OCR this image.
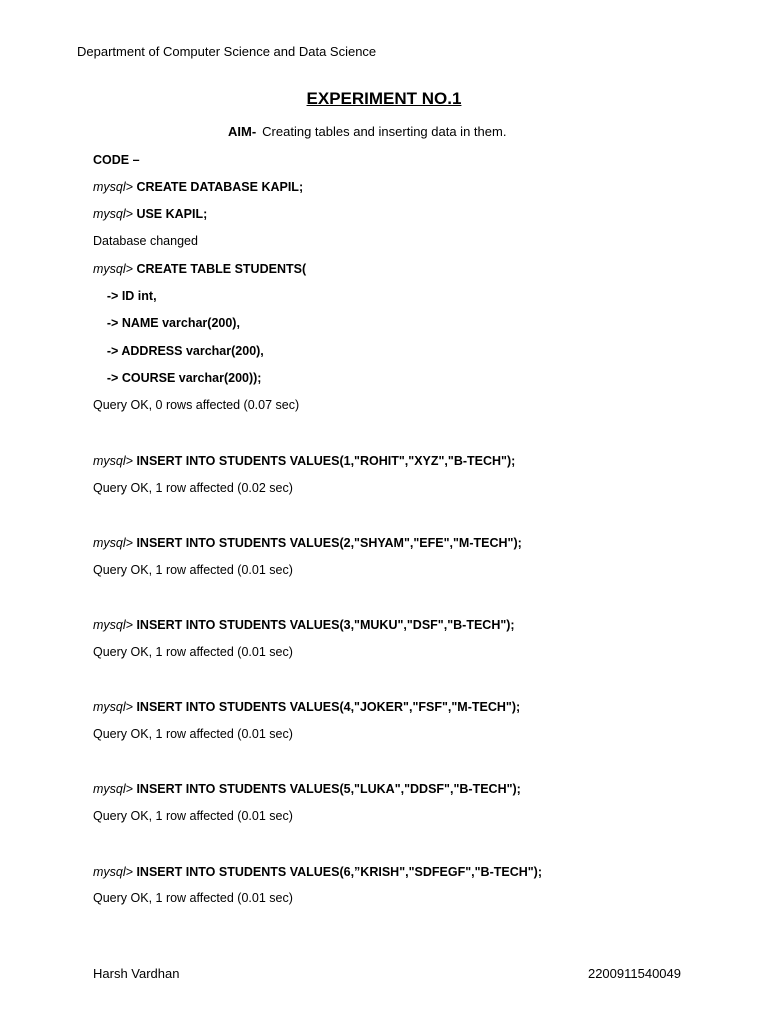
Department of Computer Science and Data Science
EXPERIMENT NO.1
AIM- Creating tables and inserting data in them.
CODE –
mysql> CREATE DATABASE KAPIL;
mysql> USE KAPIL;
Database changed
mysql> CREATE TABLE STUDENTS(
-> ID int,
-> NAME varchar(200),
-> ADDRESS varchar(200),
-> COURSE varchar(200));
Query OK, 0 rows affected (0.07 sec)
mysql> INSERT INTO STUDENTS VALUES(1,"ROHIT","XYZ","B-TECH");
Query OK, 1 row affected (0.02 sec)
mysql> INSERT INTO STUDENTS VALUES(2,"SHYAM","EFE","M-TECH");
Query OK, 1 row affected (0.01 sec)
mysql> INSERT INTO STUDENTS VALUES(3,"MUKU","DSF","B-TECH");
Query OK, 1 row affected (0.01 sec)
mysql> INSERT INTO STUDENTS VALUES(4,"JOKER","FSF","M-TECH");
Query OK, 1 row affected (0.01 sec)
mysql> INSERT INTO STUDENTS VALUES(5,"LUKA","DDSF","B-TECH");
Query OK, 1 row affected (0.01 sec)
mysql> INSERT INTO STUDENTS VALUES(6,”KRISH","SDFEGF","B-TECH");
Query OK, 1 row affected (0.01 sec)
Harsh Vardhan	2200911540049
